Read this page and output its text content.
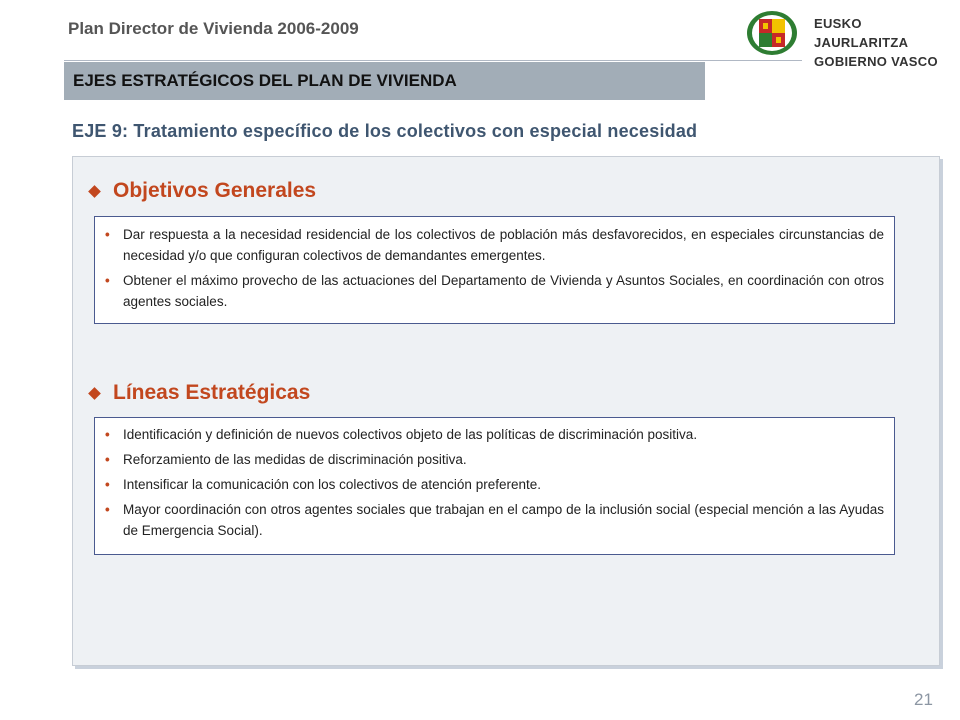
Plan Director de Vivienda 2006-2009	EUSKO JAURLARITZA
GOBIERNO VASCO
EJES ESTRATÉGICOS DEL PLAN DE VIVIENDA
EJE 9: Tratamiento específico de los colectivos con especial necesidad
Objetivos Generales
• Dar respuesta a la necesidad residencial de los colectivos de población más desfavorecidos, en especiales circunstancias de necesidad y/o que configuran colectivos de demandantes emergentes.
• Obtener el máximo provecho de las actuaciones del Departamento de Vivienda y Asuntos Sociales, en coordinación con otros agentes sociales.
Líneas Estratégicas
• Identificación y definición de nuevos colectivos objeto de las políticas de discriminación positiva.
• Reforzamiento de las medidas de discriminación positiva.
• Intensificar la comunicación con los colectivos de atención preferente.
• Mayor coordinación con otros agentes sociales que trabajan en el campo de la inclusión social (especial mención a las Ayudas de Emergencia Social).
21
